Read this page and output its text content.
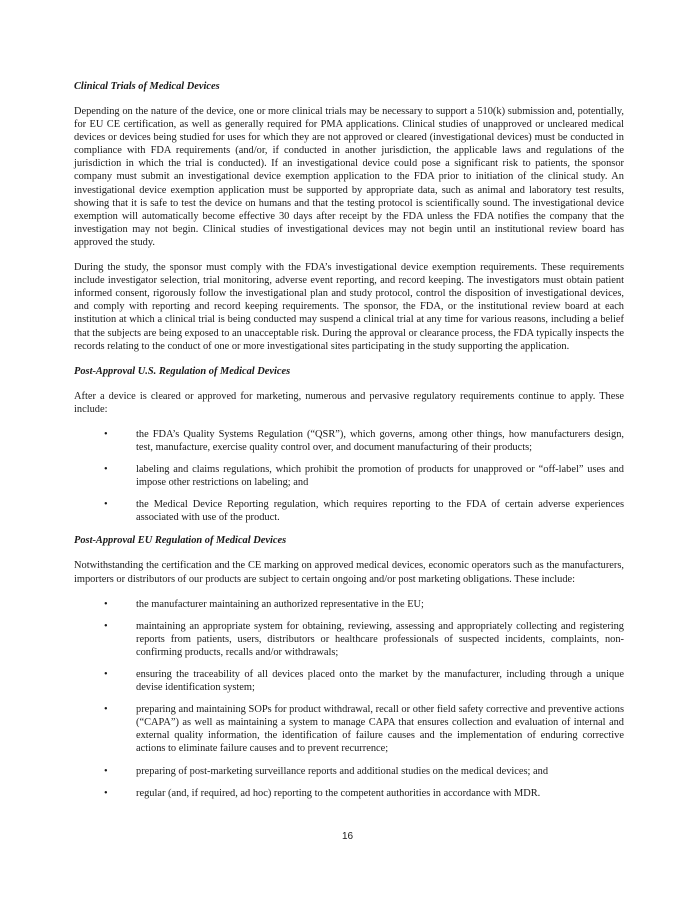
Clinical Trials of Medical Devices

Depending on the nature of the device, one or more clinical trials may be necessary to support a 510(k) submission and, potentially, for EU CE certification, as well as generally required for PMA applications. Clinical studies of unapproved or uncleared medical devices or devices being studied for uses for which they are not approved or cleared (investigational devices) must be conducted in compliance with FDA requirements (and/or, if conducted in another jurisdiction, the applicable laws and regulations of the jurisdiction in which the trial is conducted). If an investigational device could pose a significant risk to patients, the sponsor company must submit an investigational device exemption application to the FDA prior to initiation of the clinical study. An investigational device exemption application must be supported by appropriate data, such as animal and laboratory test results, showing that it is safe to test the device on humans and that the testing protocol is scientifically sound. The investigational device exemption will automatically become effective 30 days after receipt by the FDA unless the FDA notifies the company that the investigation may not begin. Clinical studies of investigational devices may not begin until an institutional review board has approved the study.

During the study, the sponsor must comply with the FDA’s investigational device exemption requirements. These requirements include investigator selection, trial monitoring, adverse event reporting, and record keeping. The investigators must obtain patient informed consent, rigorously follow the investigational plan and study protocol, control the disposition of investigational devices, and comply with reporting and record keeping requirements. The sponsor, the FDA, or the institutional review board at each institution at which a clinical trial is being conducted may suspend a clinical trial at any time for various reasons, including a belief that the subjects are being exposed to an unacceptable risk. During the approval or clearance process, the FDA typically inspects the records relating to the conduct of one or more investigational sites participating in the study supporting the application.

Post-Approval U.S. Regulation of Medical Devices

After a device is cleared or approved for marketing, numerous and pervasive regulatory requirements continue to apply. These include:

•	the FDA’s Quality Systems Regulation (“QSR”), which governs, among other things, how manufacturers design, test, manufacture, exercise quality control over, and document manufacturing of their products;
•	labeling and claims regulations, which prohibit the promotion of products for unapproved or “off-label” uses and impose other restrictions on labeling; and
•	the Medical Device Reporting regulation, which requires reporting to the FDA of certain adverse experiences associated with use of the product.
Post-Approval EU Regulation of Medical Devices

Notwithstanding the certification and the CE marking on approved medical devices, economic operators such as the manufacturers, importers or distributors of our products are subject to certain ongoing and/or post marketing obligations. These include:

•	the manufacturer maintaining an authorized representative in the EU;
•	maintaining an appropriate system for obtaining, reviewing, assessing and appropriately collecting and registering reports from patients, users, distributors or healthcare professionals of suspected incidents, complaints, non-confirming products, recalls and/or withdrawals;
•	ensuring the traceability of all devices placed onto the market by the manufacturer, including through a unique devise identification system;
•	preparing and maintaining SOPs for product withdrawal, recall or other field safety corrective and preventive actions (“CAPA”) as well as maintaining a system to manage CAPA that ensures collection and evaluation of internal and external quality information, the identification of failure causes and the implementation of enduring corrective actions to eliminate failure causes and to prevent recurrence;
•	preparing of post-marketing surveillance reports and additional studies on the medical devices; and
•	regular (and, if required, ad hoc) reporting to the competent authorities in accordance with MDR.
16
